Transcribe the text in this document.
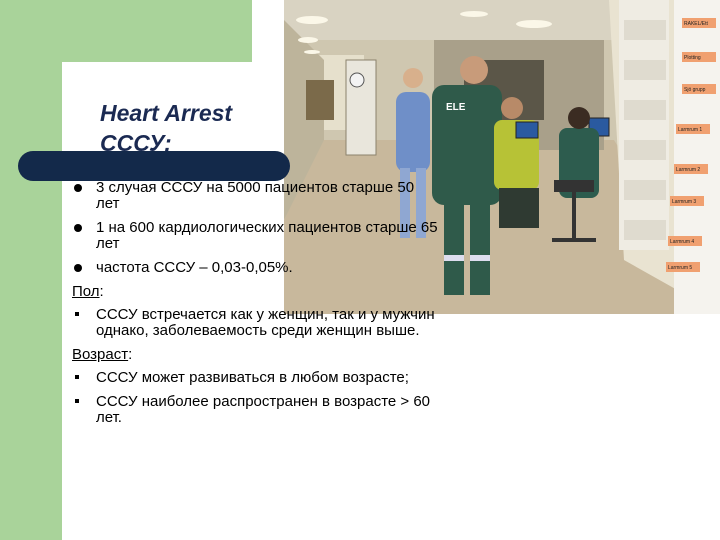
ELE
RAKEL/Ett
Plotting
Sjö grupp
Larmrum 1
Larmrum 2
Larmrum 3
Larmrum 4
Larmrum 5
Heart Arrest
СССУ:
3 случая СССУ на 5000 пациентов старше 50
лет
1 на 600 кардиологических пациентов старше 65
лет
частота СССУ – 0,03-0,05%.
Пол:
СССУ встречается как у женщин, так и у мужчин
однако, заболеваемость среди женщин выше.
Возраст:
СССУ может развиваться в любом возрасте;
СССУ наиболее распространен в возрасте > 60
лет.
